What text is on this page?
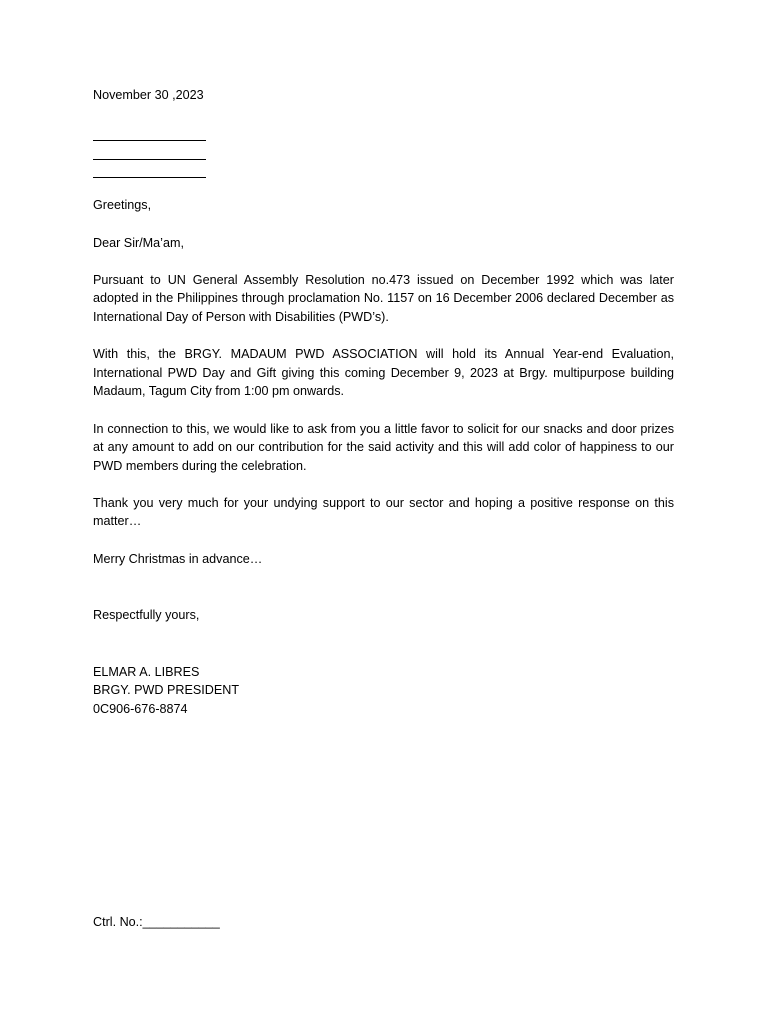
November 30 ,2023

Greetings,

Dear Sir/Ma’am,

Pursuant to UN General Assembly Resolution no.473 issued on December 1992 which was later adopted in the Philippines through proclamation No. 1157 on 16 December 2006 declared December as International Day of Person with Disabilities (PWD’s).

With this, the BRGY. MADAUM PWD ASSOCIATION will hold its Annual Year-end Evaluation, International PWD Day and Gift giving this coming December 9, 2023 at Brgy. multipurpose building Madaum, Tagum City from 1:00 pm onwards.

In connection to this, we would like to ask from you a little favor to solicit for our snacks and door prizes at any amount to add on our contribution for the said activity and this will add color of happiness to our PWD members during the celebration.

Thank you very much for your undying support to our sector and hoping a positive response on this matter…

Merry Christmas in advance…

Respectfully yours,

ELMAR A. LIBRES

BRGY. PWD PRESIDENT

0C906-676-8874

Ctrl. No.:___________
